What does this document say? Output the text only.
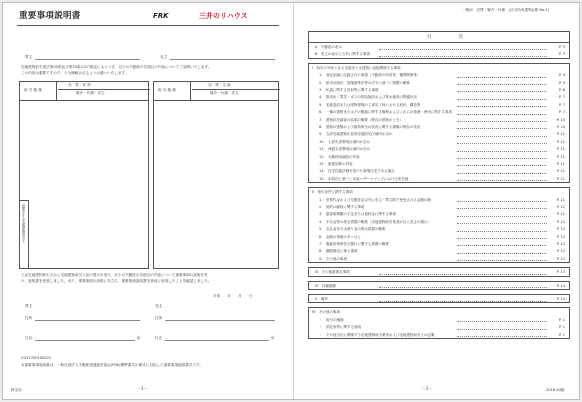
重要事項説明書	FRK	三井のリハウス
買主	売主
宅地建物取引業法第35条及び第35条の2の規定にもとづき、以下の不動産の各項目の内容についてご説明いたします。
この内容は重要ですので、十分理解されるようお願いいたします。
売　買・仲 熟
媒介・代理・売主
取 引 態 様
説明をする宅地建物取引士
売　買・交 換
媒介・代理・売主
取 引 態 様
上記宅地建物取引士から宅地建物取引士証の提示を受け、以下の不動産の各項目の内容について重要事項の説明を受
け、説明書を受領しました。また、重要事項の説明に先立ち、重要事項説明書を事前に受領したことを確認しました。
平成　　年　　月　　日
買主	売主
住所	住所
氏名	㊞	氏名	㊞
CU11700100022
本重要事項説明書は、一般社団法人不動産流通経営協会(FRK)標準書式の書式に対応した重要事項説明書式です。
株生用	－1－
一般用　売買・媒介・代理　(区分所有建物)(要 No.2)
目　　次
A　不動産の表示	P. 3
B　売主の表示と占有に関する事項	P. 3
I　取引の対象となる宅地または建物に直接関係する事項
1.　登記記録に記録された事項（不動産の所有者、権利関係等）	P. 4
2.　都市計画法、建築基準法等の法令に基づく制限の概要	P. 5
3.　私道に関する負担等に関する事項	P. 6
4.　飲用水・電気・ガスの供給施設および排水施設の整備状況	P. 7
5.　宅地造成または建物建築の工事完了時における形状、構造等	P. 7
6.　一棟の建物またはその敷地に関する権利およびこれらの管理・使用に関する事項	P. 7
7.　建物状況調査の結果の概要（既存の建物のとき）	P. 10
8.　建物の建築および維持保全の状況に関する書類の保存の状況	P. 10
9.　当該宅地建物が造成宅地防災区域内か否か	P. 11
10.　土砂災害警戒区域内か否か	P. 11
11.　津波災害警戒区域内か否か	P. 11
12.　石綿使用調査の内容	P. 11
13.　耐震診断の内容	P. 11
14.　住宅性能評価を受けた新築住宅である場合	P. 11
15.　水防法に基づく水害ハザードマップにおける所在地	P. 11
II　取引条件に関する事項
1.　売買代金および交換差金以外に売主・買主間で授受される金額の額	P. 11
2.　契約の解除に関する事項	P. 11
3.　損害賠償額の予定または違約金に関する事項	P. 11
4.　手付金等の保全措置の概要（宅地建物取引業者が自ら売主の場合）	P. 12
5.　支払金または預り金の保全措置の概要	P. 12
6.　金銭の貸借のあっせん	P. 12
7.　瑕疵担保責任の履行に関する措置の概要	P. 12
8.　割賦販売に係る事項	P. 12
9.　その他の事項	P. 12
III　その他重要な事項	P. 13
IV　付属書類	P. 14
V　備考	P. 14
VI　その他の事項
・　取引の態様	P. 1
・　供託所等に関する説明	P. 1
・　その他当社に関係する宅地建物取引業者および宅地建物取引士の記載	P. 1
－2－	2018.04版
